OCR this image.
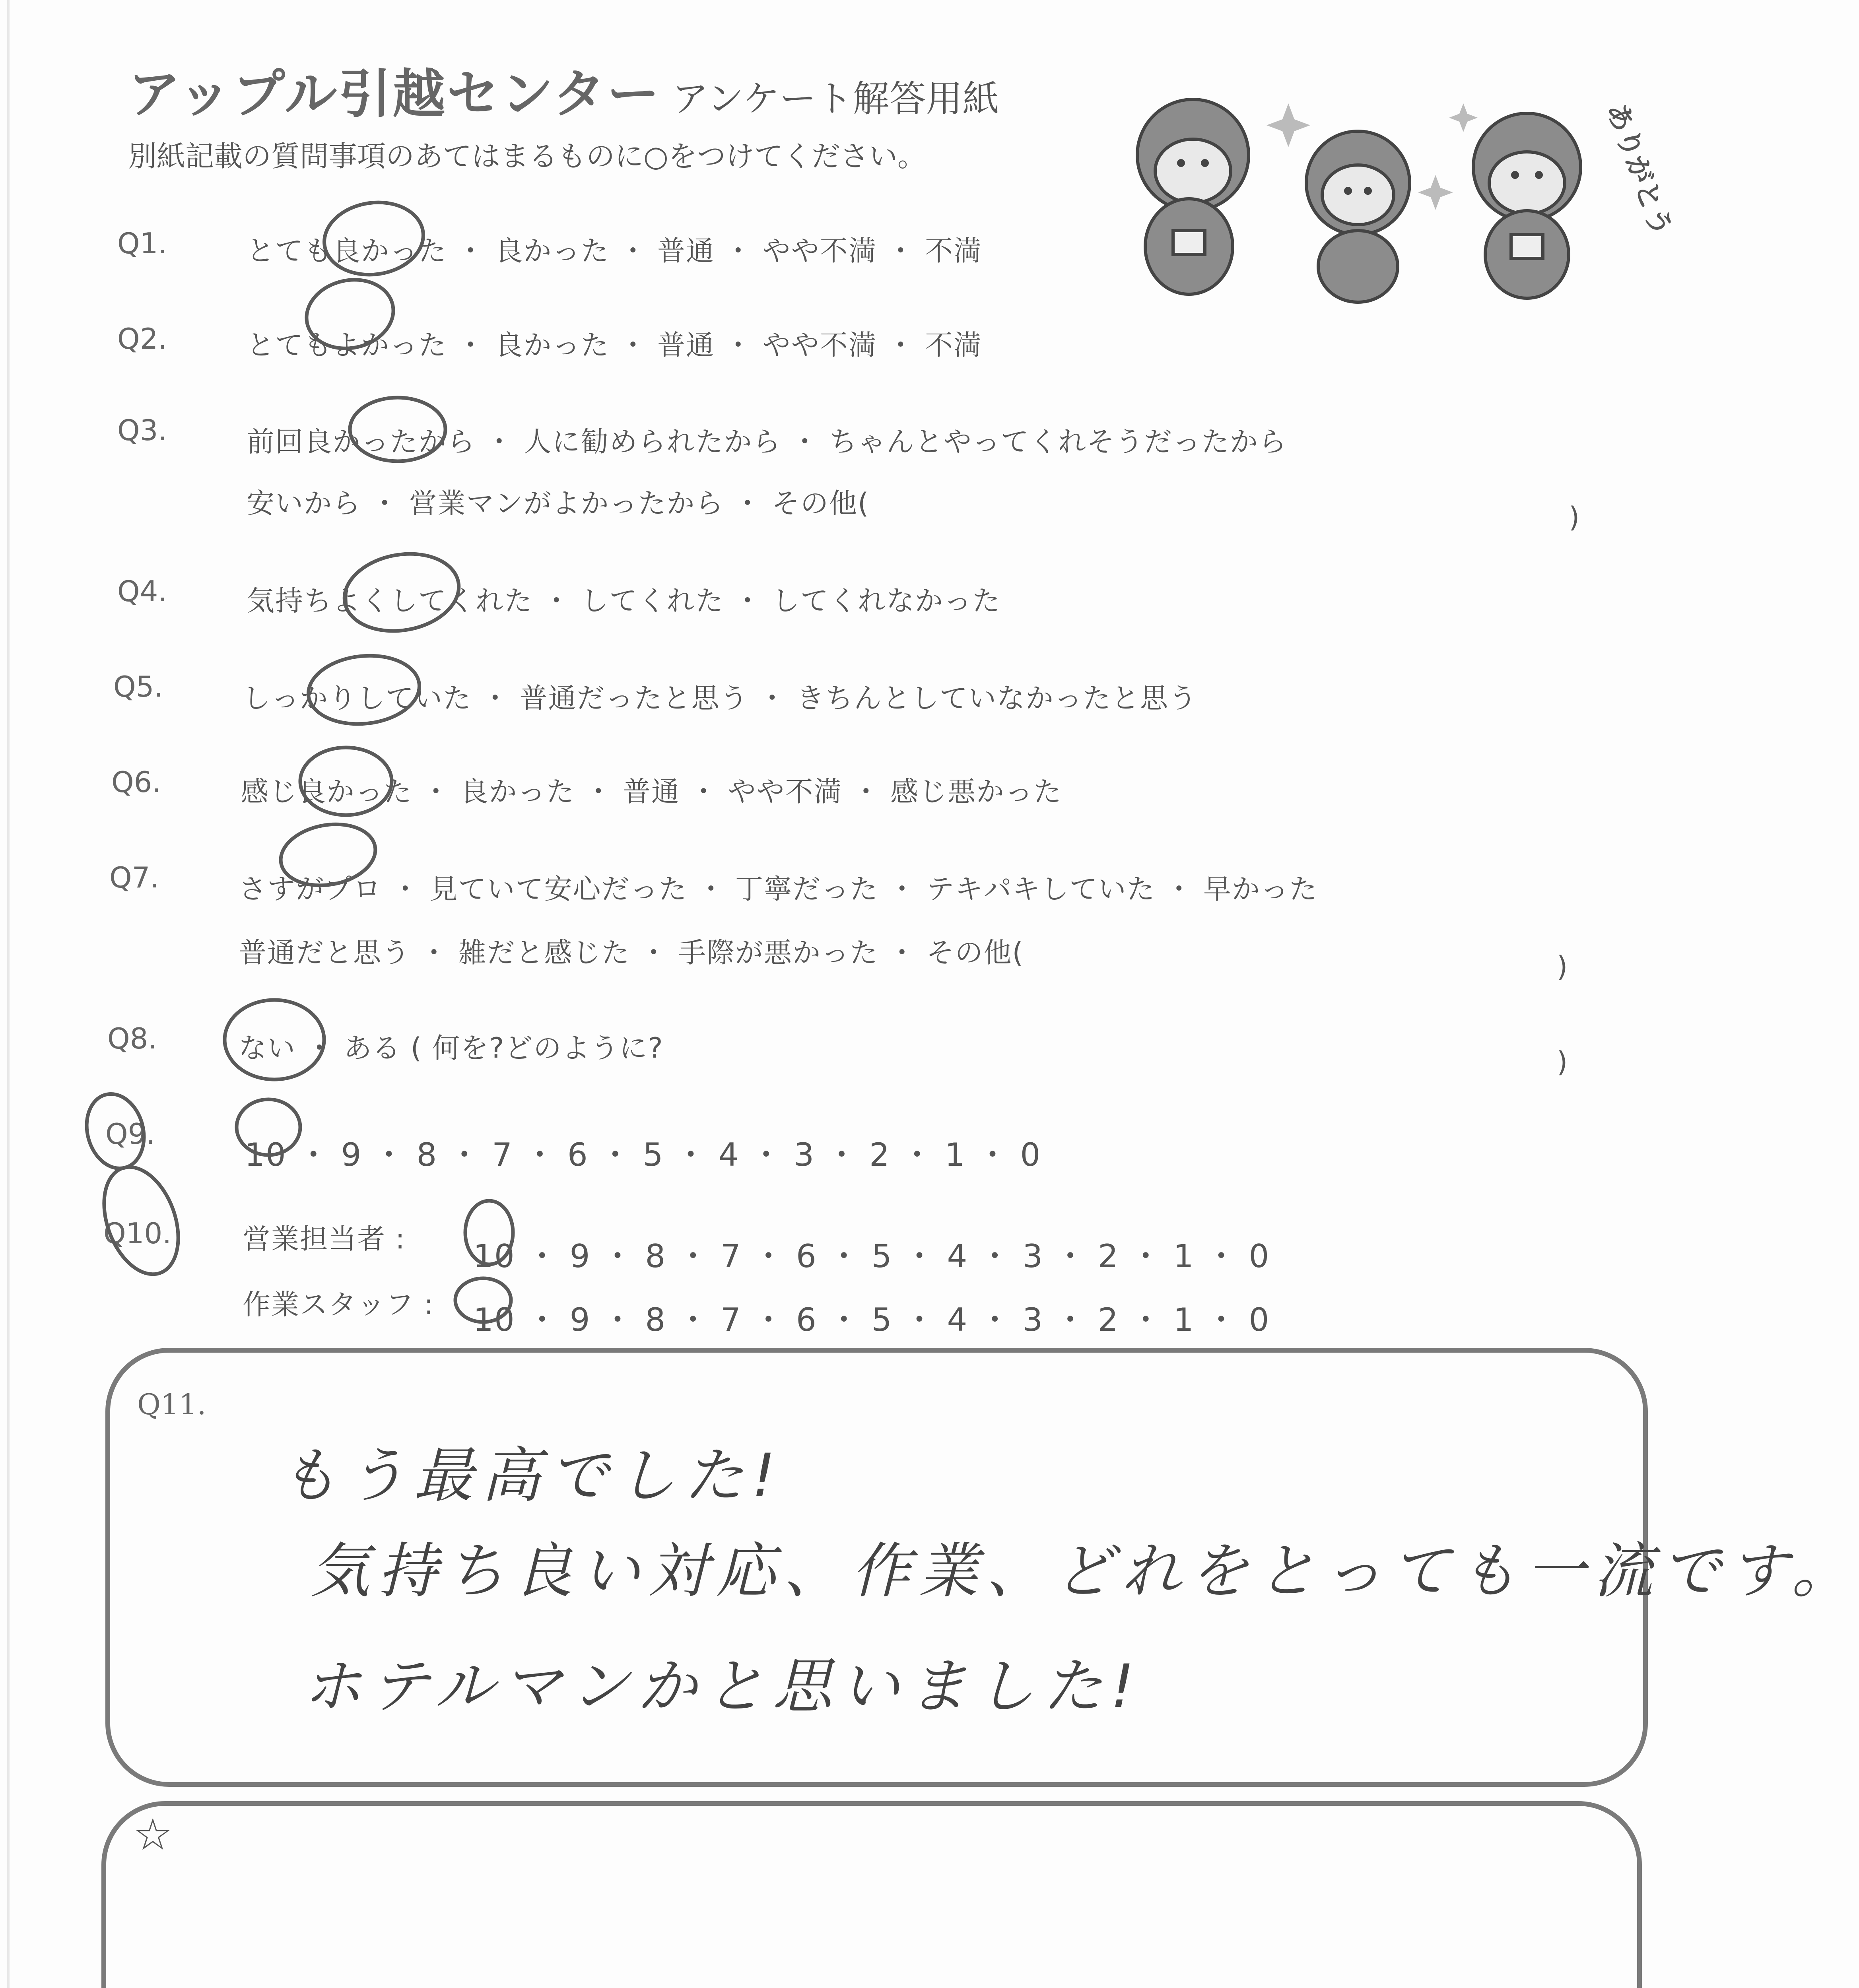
アップル引越センター アンケート解答用紙
別紙記載の質問事項のあてはまるものに○をつけてください。	ありがとう
Q1.	とても良かった ・ 良かった ・ 普通 ・ やや不満 ・ 不満
Q2.	とてもよかった ・ 良かった ・ 普通 ・ やや不満 ・ 不満
Q3.	前回良かったから ・ 人に勧められたから ・ ちゃんとやってくれそうだったから
安いから ・ 営業マンがよかったから ・ その他(	)
Q4.	気持ちよくしてくれた ・ してくれた ・ してくれなかった
Q5.	しっかりしていた ・ 普通だったと思う ・ きちんとしていなかったと思う
Q6.	感じ良かった ・ 良かった ・ 普通 ・ やや不満 ・ 感じ悪かった
Q7.	さすがプロ ・ 見ていて安心だった ・ 丁寧だった ・ テキパキしていた ・ 早かった
普通だと思う ・ 雑だと感じた ・ 手際が悪かった ・ その他(	)
Q8.	ない ・ ある ( 何を?どのように?	)
Q9.
10 ・ 9 ・ 8 ・ 7 ・ 6 ・ 5 ・ 4 ・ 3 ・ 2 ・ 1 ・ 0
Q10.	営業担当者 : 10 ・ 9 ・ 8 ・ 7 ・ 6 ・ 5 ・ 4 ・ 3 ・ 2 ・ 1 ・ 0
作業スタッフ : 10 ・ 9 ・ 8 ・ 7 ・ 6 ・ 5 ・ 4 ・ 3 ・ 2 ・ 1 ・ 0
Q11.
もう最高でした!
気持ち良い対応、作業、どれをとっても一流です。
ホテルマンかと思いました!
☆
